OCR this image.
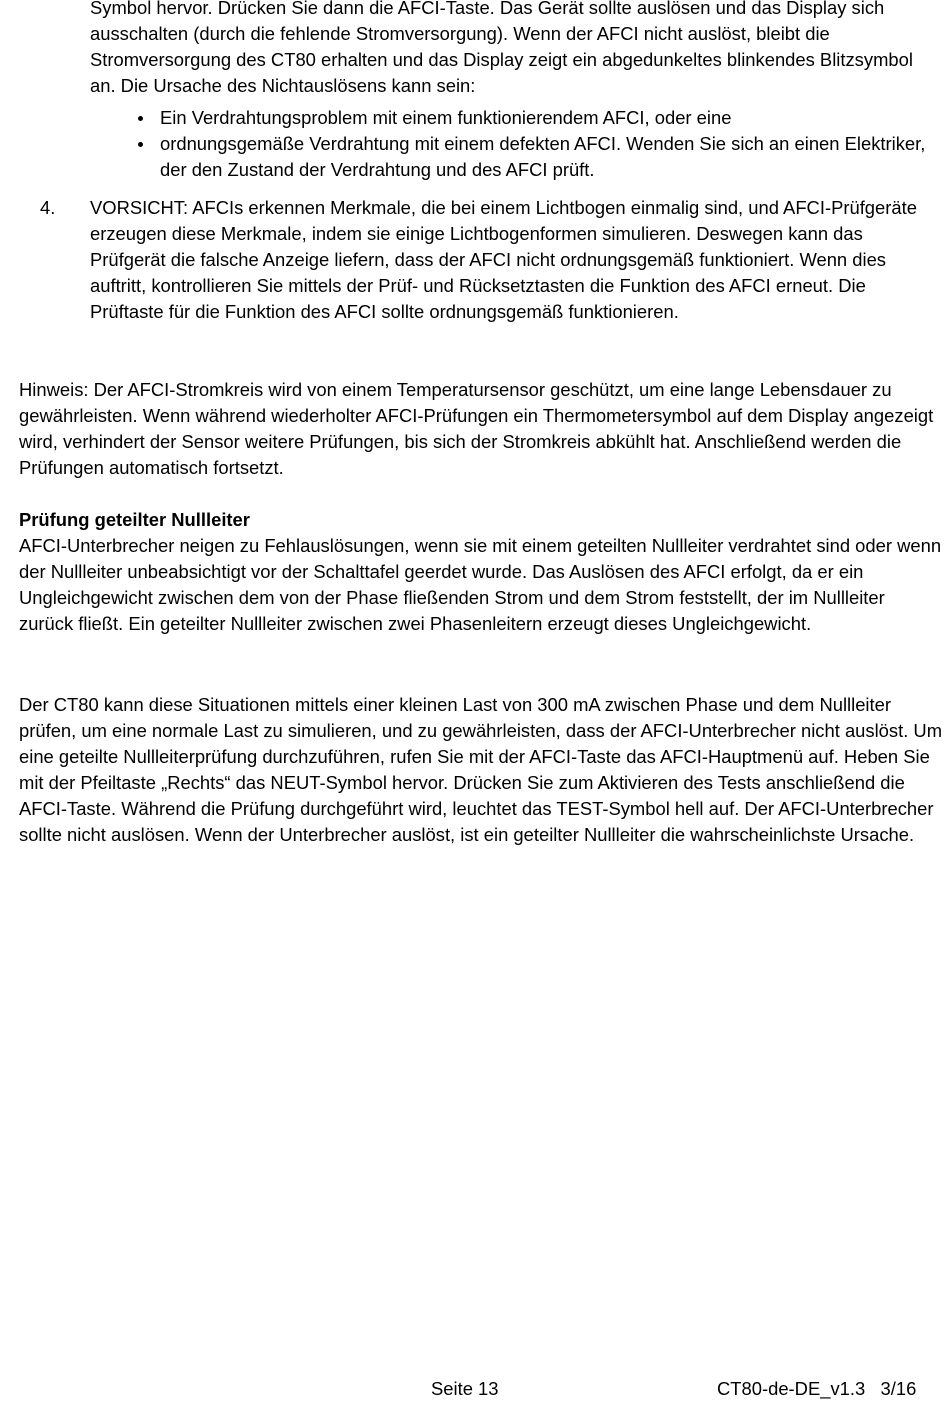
Symbol hervor. Drücken Sie dann die AFCI-Taste. Das Gerät sollte auslösen und das Display sich ausschalten (durch die fehlende Stromversorgung). Wenn der AFCI nicht auslöst, bleibt die Stromversorgung des CT80 erhalten und das Display zeigt ein abgedunkeltes blinkendes Blitzsymbol an. Die Ursache des Nichtauslösens kann sein:

Ein Verdrahtungsproblem mit einem funktionierendem AFCI, oder eine
ordnungsgemäße Verdrahtung mit einem defekten AFCI. Wenden Sie sich an einen Elektriker, der den Zustand der Verdrahtung und des AFCI prüft.
4. VORSICHT: AFCIs erkennen Merkmale, die bei einem Lichtbogen einmalig sind, und AFCI-Prüfgeräte erzeugen diese Merkmale, indem sie einige Lichtbogenformen simulieren. Deswegen kann das Prüfgerät die falsche Anzeige liefern, dass der AFCI nicht ordnungsgemäß funktioniert. Wenn dies auftritt, kontrollieren Sie mittels der Prüf- und Rücksetztasten die Funktion des AFCI erneut. Die Prüftaste für die Funktion des AFCI sollte ordnungsgemäß funktionieren.

Hinweis: Der AFCI-Stromkreis wird von einem Temperatursensor geschützt, um eine lange Lebensdauer zu gewährleisten. Wenn während wiederholter AFCI-Prüfungen ein Thermometersymbol auf dem Display angezeigt wird, verhindert der Sensor weitere Prüfungen, bis sich der Stromkreis abkühlt hat. Anschließend werden die Prüfungen automatisch fortsetzt.

Prüfung geteilter Nullleiter

AFCI-Unterbrecher neigen zu Fehlauslösungen, wenn sie mit einem geteilten Nullleiter verdrahtet sind oder wenn der Nullleiter unbeabsichtigt vor der Schalttafel geerdet wurde. Das Auslösen des AFCI erfolgt, da er ein Ungleichgewicht zwischen dem von der Phase fließenden Strom und dem Strom feststellt, der im Nullleiter zurück fließt. Ein geteilter Nullleiter zwischen zwei Phasenleitern erzeugt dieses Ungleichgewicht.

Der CT80 kann diese Situationen mittels einer kleinen Last von 300 mA zwischen Phase und dem Nullleiter prüfen, um eine normale Last zu simulieren, und zu gewährleisten, dass der AFCI-Unterbrecher nicht auslöst. Um eine geteilte Nullleiterprüfung durchzuführen, rufen Sie mit der AFCI-Taste das AFCI-Hauptmenü auf. Heben Sie mit der Pfeiltaste „Rechts“ das NEUT-Symbol hervor. Drücken Sie zum Aktivieren des Tests anschließend die AFCI-Taste. Während die Prüfung durchgeführt wird, leuchtet das TEST-Symbol hell auf. Der AFCI-Unterbrecher sollte nicht auslösen. Wenn der Unterbrecher auslöst, ist ein geteilter Nullleiter die wahrscheinlichste Ursache.

Seite 13	CT80-de-DE_v1.3   3/16
